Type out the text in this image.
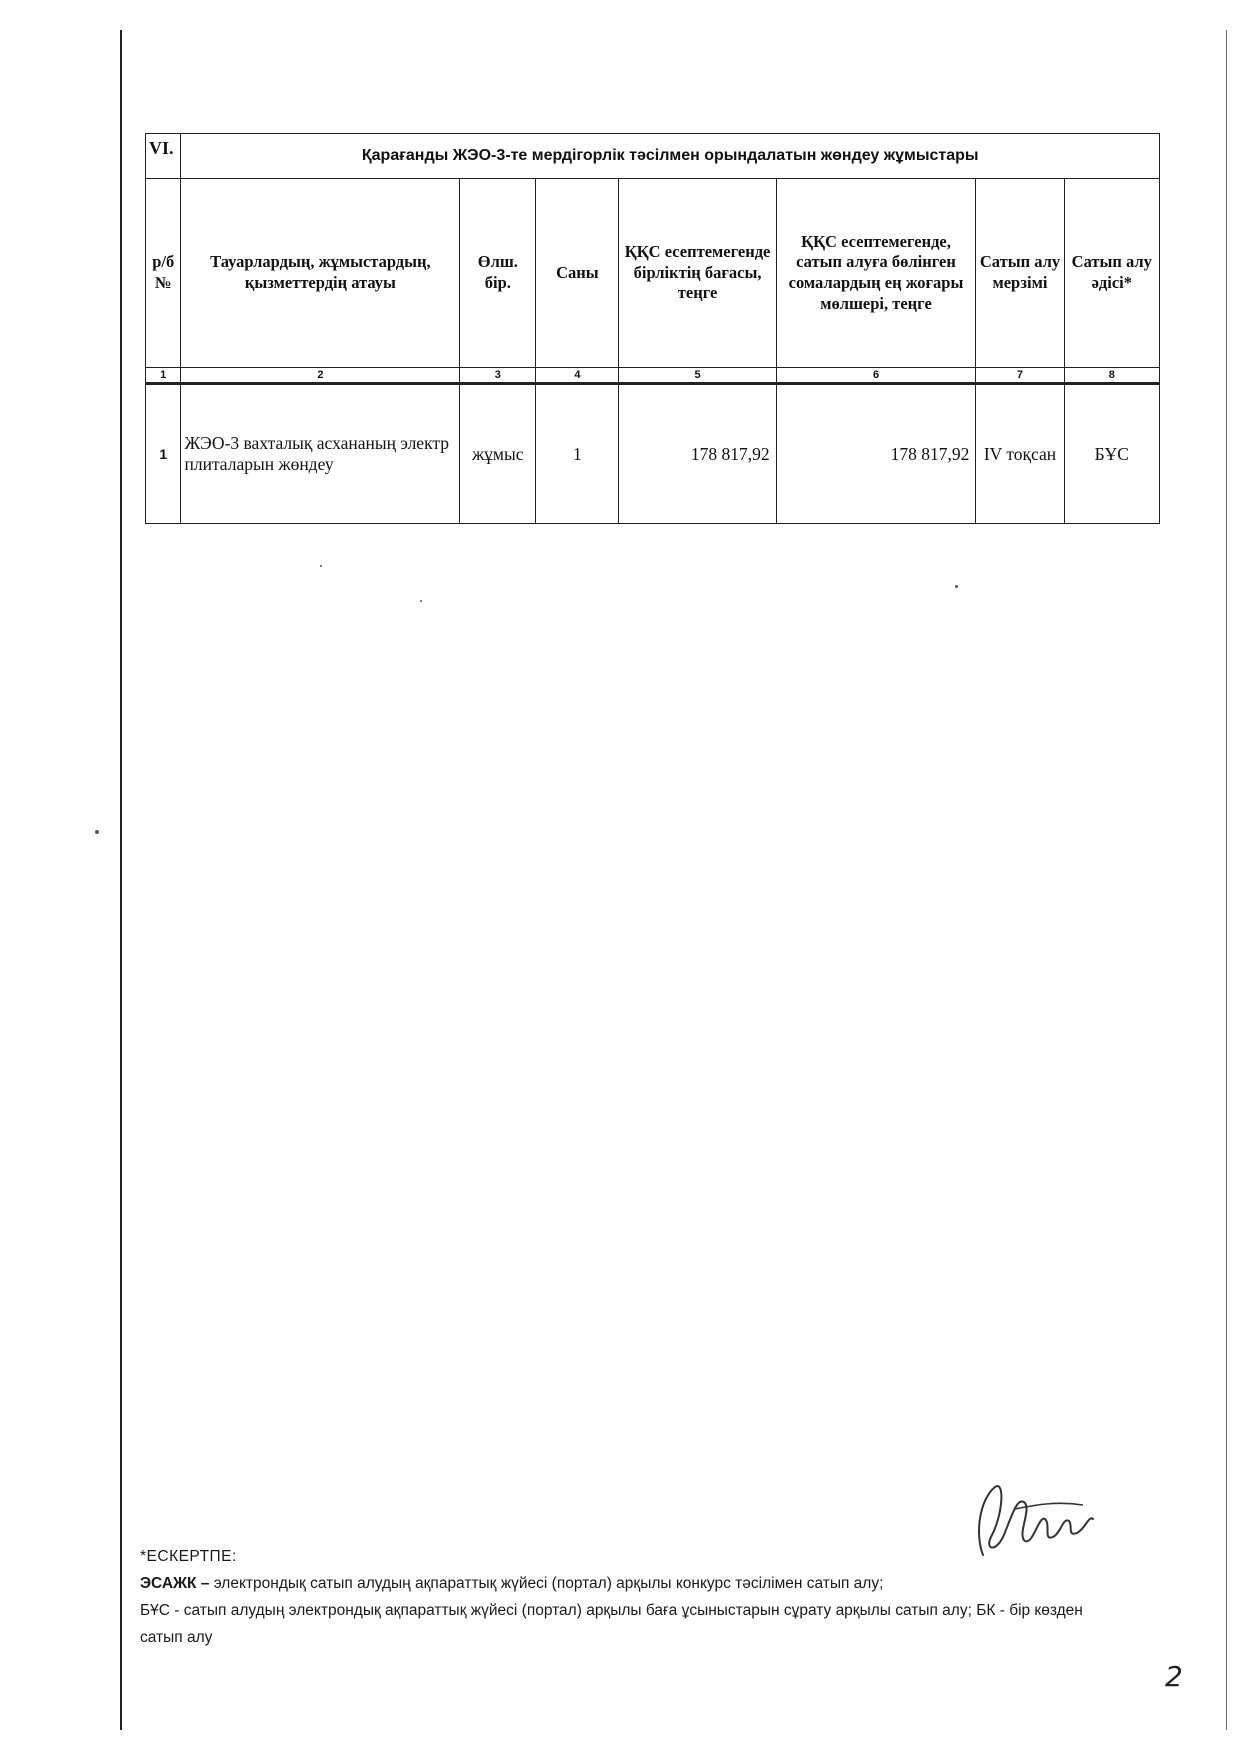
VI.	Қарағанды ЖЭО-3-те мердігорлік тәсілмен орындалатын жөндеу жұмыстары						
р/б №	Тауарлардың, жұмыстардың, қызметтердің атауы	Өлш. бір.	Саны	ҚҚС есептемегенде бірліктің бағасы, теңге	ҚҚС есептемегенде, сатып алуға бөлінген сомалардың ең жоғары мөлшері, теңге	Сатып алу мерзімі	Сатып алу әдісі*
1	2	3	4	5	6	7	8
1	ЖЭО-3 вахталық асхананың электр плиталарын жөндеу	жұмыс	1	178 817,92	178 817,92	IV тоқсан	БҰС
*ЕСКЕРТПЕ:
ЭСАЖК – электрондық сатып алудың ақпараттық жүйесі (портал) арқылы конкурс тәсілімен сатып алу;
БҰС - сатып алудың электрондық ақпараттық жүйесі (портал) арқылы баға ұсыныстарын сұрату арқылы сатып алу; БК - бір көзден сатып алу
2
